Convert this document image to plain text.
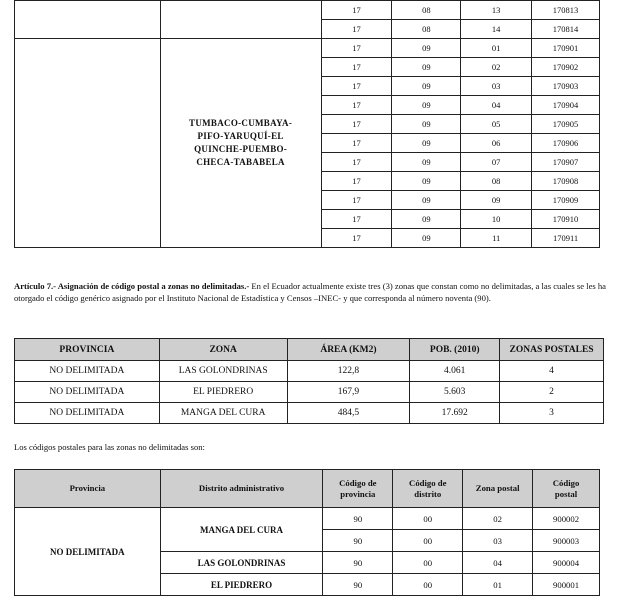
		17	08	13	170813
		17	08	14	170814

	TUMBACO-CUMBAYA-PIFO-YARUQUÍ-EL QUINCHE-PUEMBO-CHECA-TABABELA	17	09	01	170901
		17	09	02	170902
		17	09	03	170903
		17	09	04	170904
		17	09	05	170905
		17	09	06	170906
		17	09	07	170907
		17	09	08	170908
		17	09	09	170909
		17	09	10	170910
		17	09	11	170911
Artículo 7.- Asignación de código postal a zonas no delimitadas.- En el Ecuador actualmente existe tres (3) zonas que constan como no delimitadas, a las cuales se les ha otorgado el código genérico asignado por el Instituto Nacional de Estadística y Censos –INEC- y que corresponda al número noventa (90).
PROVINCIA	ZONA	ÁREA (KM2)	POB. (2010)	ZONAS POSTALES
NO DELIMITADA	LAS GOLONDRINAS	122,8	4.061	4
NO DELIMITADA	EL PIEDRERO	167,9	5.603	2
NO DELIMITADA	MANGA DEL CURA	484,5	17.692	3
Los códigos postales para las zonas no delimitadas son:
Provincia	Distrito administrativo	Código de provincia	Código de distrito	Zona postal	Código postal

NO DELIMITADA	MANGA DEL CURA	90	00	02	900002
		90	00	03	900003
	LAS GOLONDRINAS	90	00	04	900004
	EL PIEDRERO	90	00	01	900001
